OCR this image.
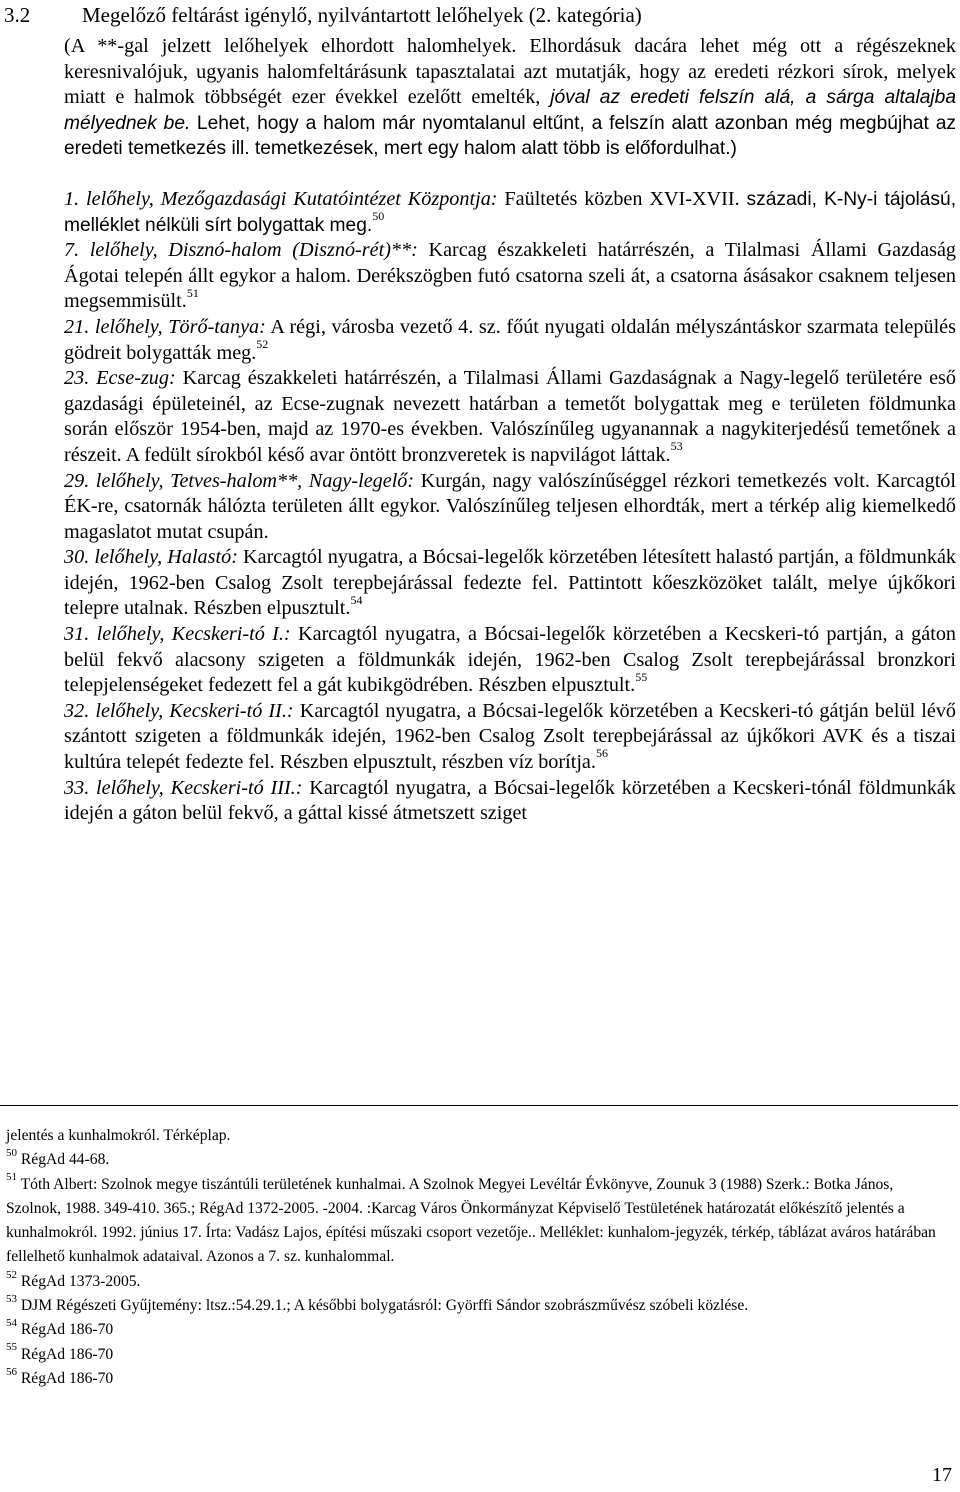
3.2 Megelőző feltárást igénylő, nyilvántartott lelőhelyek (2. kategória)

(A **-gal jelzett lelőhelyek elhordott halomhelyek. Elhordásuk dacára lehet még ott a régészeknek keresnivalójuk, ugyanis halomfeltárásunk tapasztalatai azt mutatják, hogy az eredeti rézkori sírok, melyek miatt e halmok többségét ezer évekkel ezelőtt emelték, jóval az eredeti felszín alá, a sárga altalajba mélyednek be. Lehet, hogy a halom már nyomtalanul eltűnt, a felszín alatt azonban még megbújhat az eredeti temetkezés ill. temetkezések, mert egy halom alatt több is előfordulhat.)

1. lelőhely, Mezőgazdasági Kutatóintézet Központja: Faültetés közben XVI-XVII. századi, K-Ny-i tájolású, melléklet nélküli sírt bolygattak meg.$^{50}$

7. lelőhely, Disznó-halom (Disznó-rét)**: Karcag északkeleti határrészén, a Tilalmasi Állami Gazdaság Ágotai telepén állt egykor a halom. Derékszögben futó csatorna szeli át, a csatorna ásásakor csaknem teljesen megsemmisült.$^{51}$

21. lelőhely, Törő-tanya: A régi, városba vezető 4. sz. főút nyugati oldalán mélyszántáskor szarmata település gödreit bolygatták meg.$^{52}$

23. Ecse-zug: Karcag északkeleti határrészén, a Tilalmasi Állami Gazdaságnak a Nagy-legelő területére eső gazdasági épületeinél, az Ecse-zugnak nevezett határban a temetőt bolygattak meg e területen földmunka során először 1954-ben, majd az 1970-es években. Valószínűleg ugyanannak a nagykiterjedésű temetőnek a részeit. A fedült sírokból késő avar öntött bronzveretek is napvilágot láttak.$^{53}$

29. lelőhely, Tetves-halom**, Nagy-legelő: Kurgán, nagy valószínűséggel rézkori temetkezés volt. Karcagtól ÉK-re, csatornák hálózta területen állt egykor. Valószínűleg teljesen elhordták, mert a térkép alig kiemelkedő magaslatot mutat csupán.

30. lelőhely, Halastó: Karcagtól nyugatra, a Bócsai-legelők körzetében létesített halastó partján, a földmunkák idején, 1962-ben Csalog Zsolt terepbejárással fedezte fel. Pattintott kőeszközöket talált, melye újkőkori telepre utalnak. Részben elpusztult.$^{54}$

31. lelőhely, Kecskeri-tó I.: Karcagtól nyugatra, a Bócsai-legelők körzetében a Kecskeri-tó partján, a gáton belül fekvő alacsony szigeten a földmunkák idején, 1962-ben Csalog Zsolt terepbejárással bronzkori telepjelenségeket fedezett fel a gát kubikgödrében. Részben elpusztult.$^{55}$

32. lelőhely, Kecskeri-tó II.: Karcagtól nyugatra, a Bócsai-legelők körzetében a Kecskeri-tó gátján belül lévő szántott szigeten a földmunkák idején, 1962-ben Csalog Zsolt terepbejárással az újkőkori AVK és a tiszai kultúra telepét fedezte fel. Részben elpusztult, részben víz borítja.$^{56}$

33. lelőhely, Kecskeri-tó III.: Karcagtól nyugatra, a Bócsai-legelők körzetében a Kecskeri-tónál földmunkák idején a gáton belül fekvő, a gáttal kissé átmetszett sziget

jelentés a kunhalmokról. Térképlap.

$^{50}$ RégAd 44-68.

$^{51}$ Tóth Albert: Szolnok megye tiszántúli területének kunhalmai. A Szolnok Megyei Levéltár Évkönyve, Zounuk 3 (1988) Szerk.: Botka János, Szolnok, 1988. 349-410. 365.; RégAd 1372-2005. -2004. :Karcag Város Önkormányzat Képviselő Testületének határozatát előkészítő jelentés a kunhalmokról. 1992. június 17. Írta: Vadász Lajos, építési műszaki csoport vezetője.. Melléklet: kunhalom-jegyzék, térkép, táblázat aváros határában fellelhető kunhalmok adataival. Azonos a 7. sz. kunhalommal.

$^{52}$ RégAd 1373-2005.

$^{53}$ DJM Régészeti Gyűjtemény: ltsz.:54.29.1.; A későbbi bolygatásról: Györffi Sándor szobrászművész szóbeli közlése.

$^{54}$ RégAd 186-70

$^{55}$ RégAd 186-70

$^{56}$ RégAd 186-70

17
